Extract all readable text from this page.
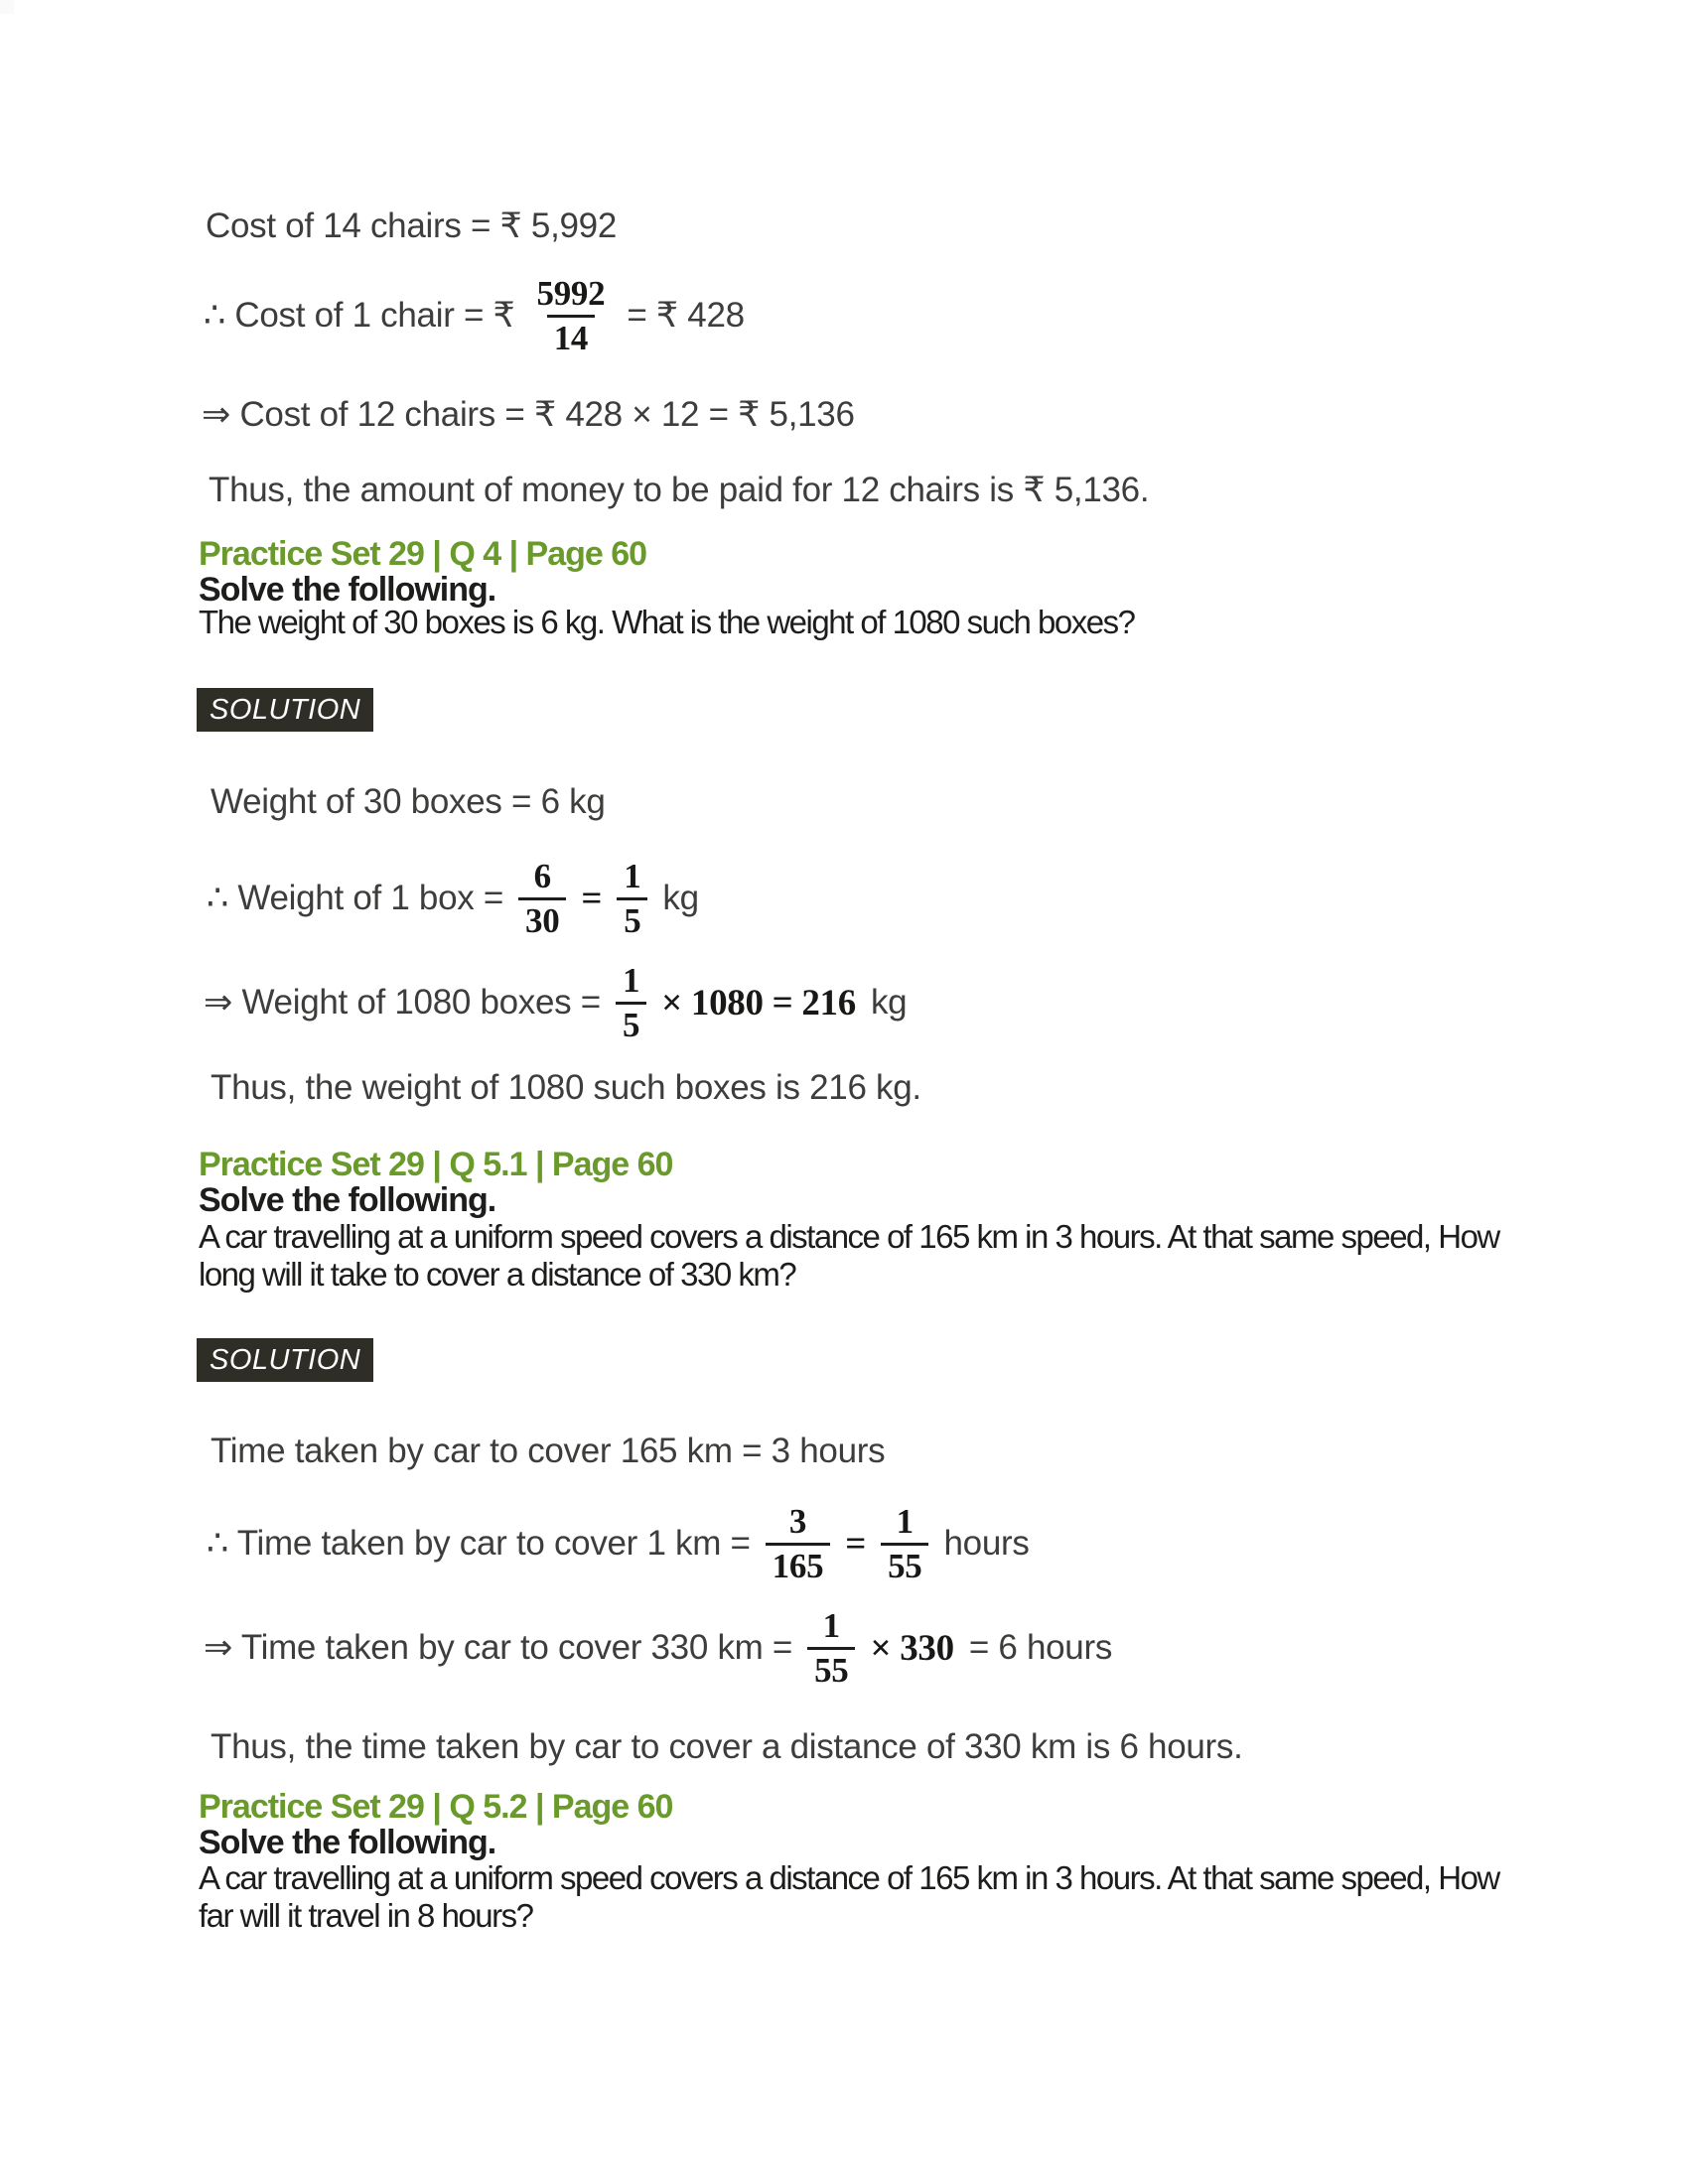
Cost of 14 chairs = ₹ 5,992
∴ Cost of 1 chair = ₹ $\frac{5992}{14}$ = ₹ 428
⇒ Cost of 12 chairs = ₹ 428 × 12 = ₹ 5,136
Thus, the amount of money to be paid for 12 chairs is ₹ 5,136.
Practice Set 29 | Q 4 | Page 60
Solve the following.
The weight of 30 boxes is 6 kg. What is the weight of 1080 such boxes?
SOLUTION
Weight of 30 boxes = 6 kg
∴ Weight of 1 box = $\frac{6}{30} = \frac{1}{5}$ kg
⇒ Weight of 1080 boxes = $\frac{1}{5} \times 1080 = 216$ kg
Thus, the weight of 1080 such boxes is 216 kg.
Practice Set 29 | Q 5.1 | Page 60
Solve the following.
A car travelling at a uniform speed covers a distance of 165 km in 3 hours. At that same speed, How long will it take to cover a distance of 330 km?
SOLUTION
Time taken by car to cover 165 km = 3 hours
∴ Time taken by car to cover 1 km = $\frac{3}{165} = \frac{1}{55}$ hours
⇒ Time taken by car to cover 330 km = $\frac{1}{55} \times 330 = 6$ hours
Thus, the time taken by car to cover a distance of 330 km is 6 hours.
Practice Set 29 | Q 5.2 | Page 60
Solve the following.
A car travelling at a uniform speed covers a distance of 165 km in 3 hours. At that same speed, How far will it travel in 8 hours?
